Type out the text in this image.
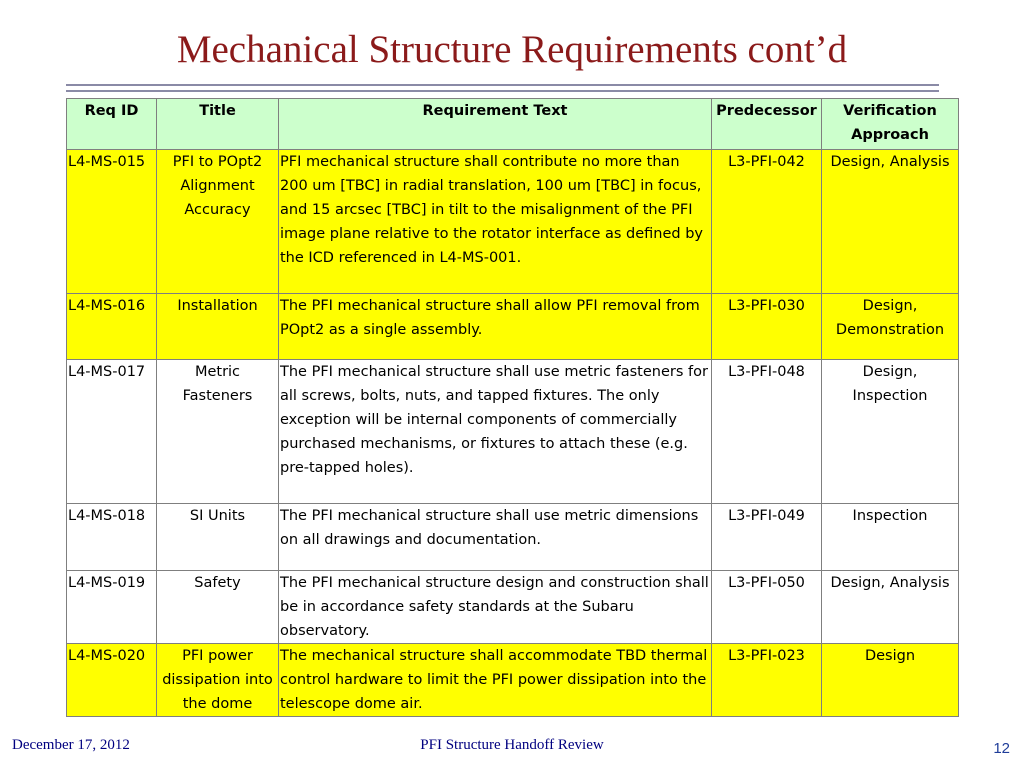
Mechanical Structure Requirements cont’d
Req ID	Title	Requirement Text	Predecessor	Verification Approach
L4-MS-015	PFI to POpt2 Alignment Accuracy	PFI mechanical structure shall contribute no more than 200 um [TBC] in radial translation, 100 um [TBC] in focus, and 15 arcsec [TBC] in tilt to the misalignment of the PFI image plane relative to the rotator interface as defined by the ICD referenced in L4-MS-001.	L3-PFI-042	Design, Analysis
L4-MS-016	Installation	The PFI mechanical structure shall allow PFI removal from POpt2 as a single assembly.	L3-PFI-030	Design, Demonstration
L4-MS-017	Metric Fasteners	The PFI mechanical structure shall use metric fasteners for all screws, bolts, nuts, and tapped fixtures. The only exception will be internal components of commercially purchased mechanisms, or fixtures to attach these (e.g. pre-tapped holes).	L3-PFI-048	Design, Inspection
L4-MS-018	SI Units	The PFI mechanical structure shall use metric dimensions on all drawings and documentation.	L3-PFI-049	Inspection
L4-MS-019	Safety	The PFI mechanical structure design and construction shall be in accordance safety standards at the Subaru observatory.	L3-PFI-050	Design, Analysis
L4-MS-020	PFI power dissipation into the dome	The mechanical structure shall accommodate TBD thermal control hardware to limit the PFI power dissipation into the telescope dome air.	L3-PFI-023	Design
December 17, 2012	PFI Structure Handoff Review	12
